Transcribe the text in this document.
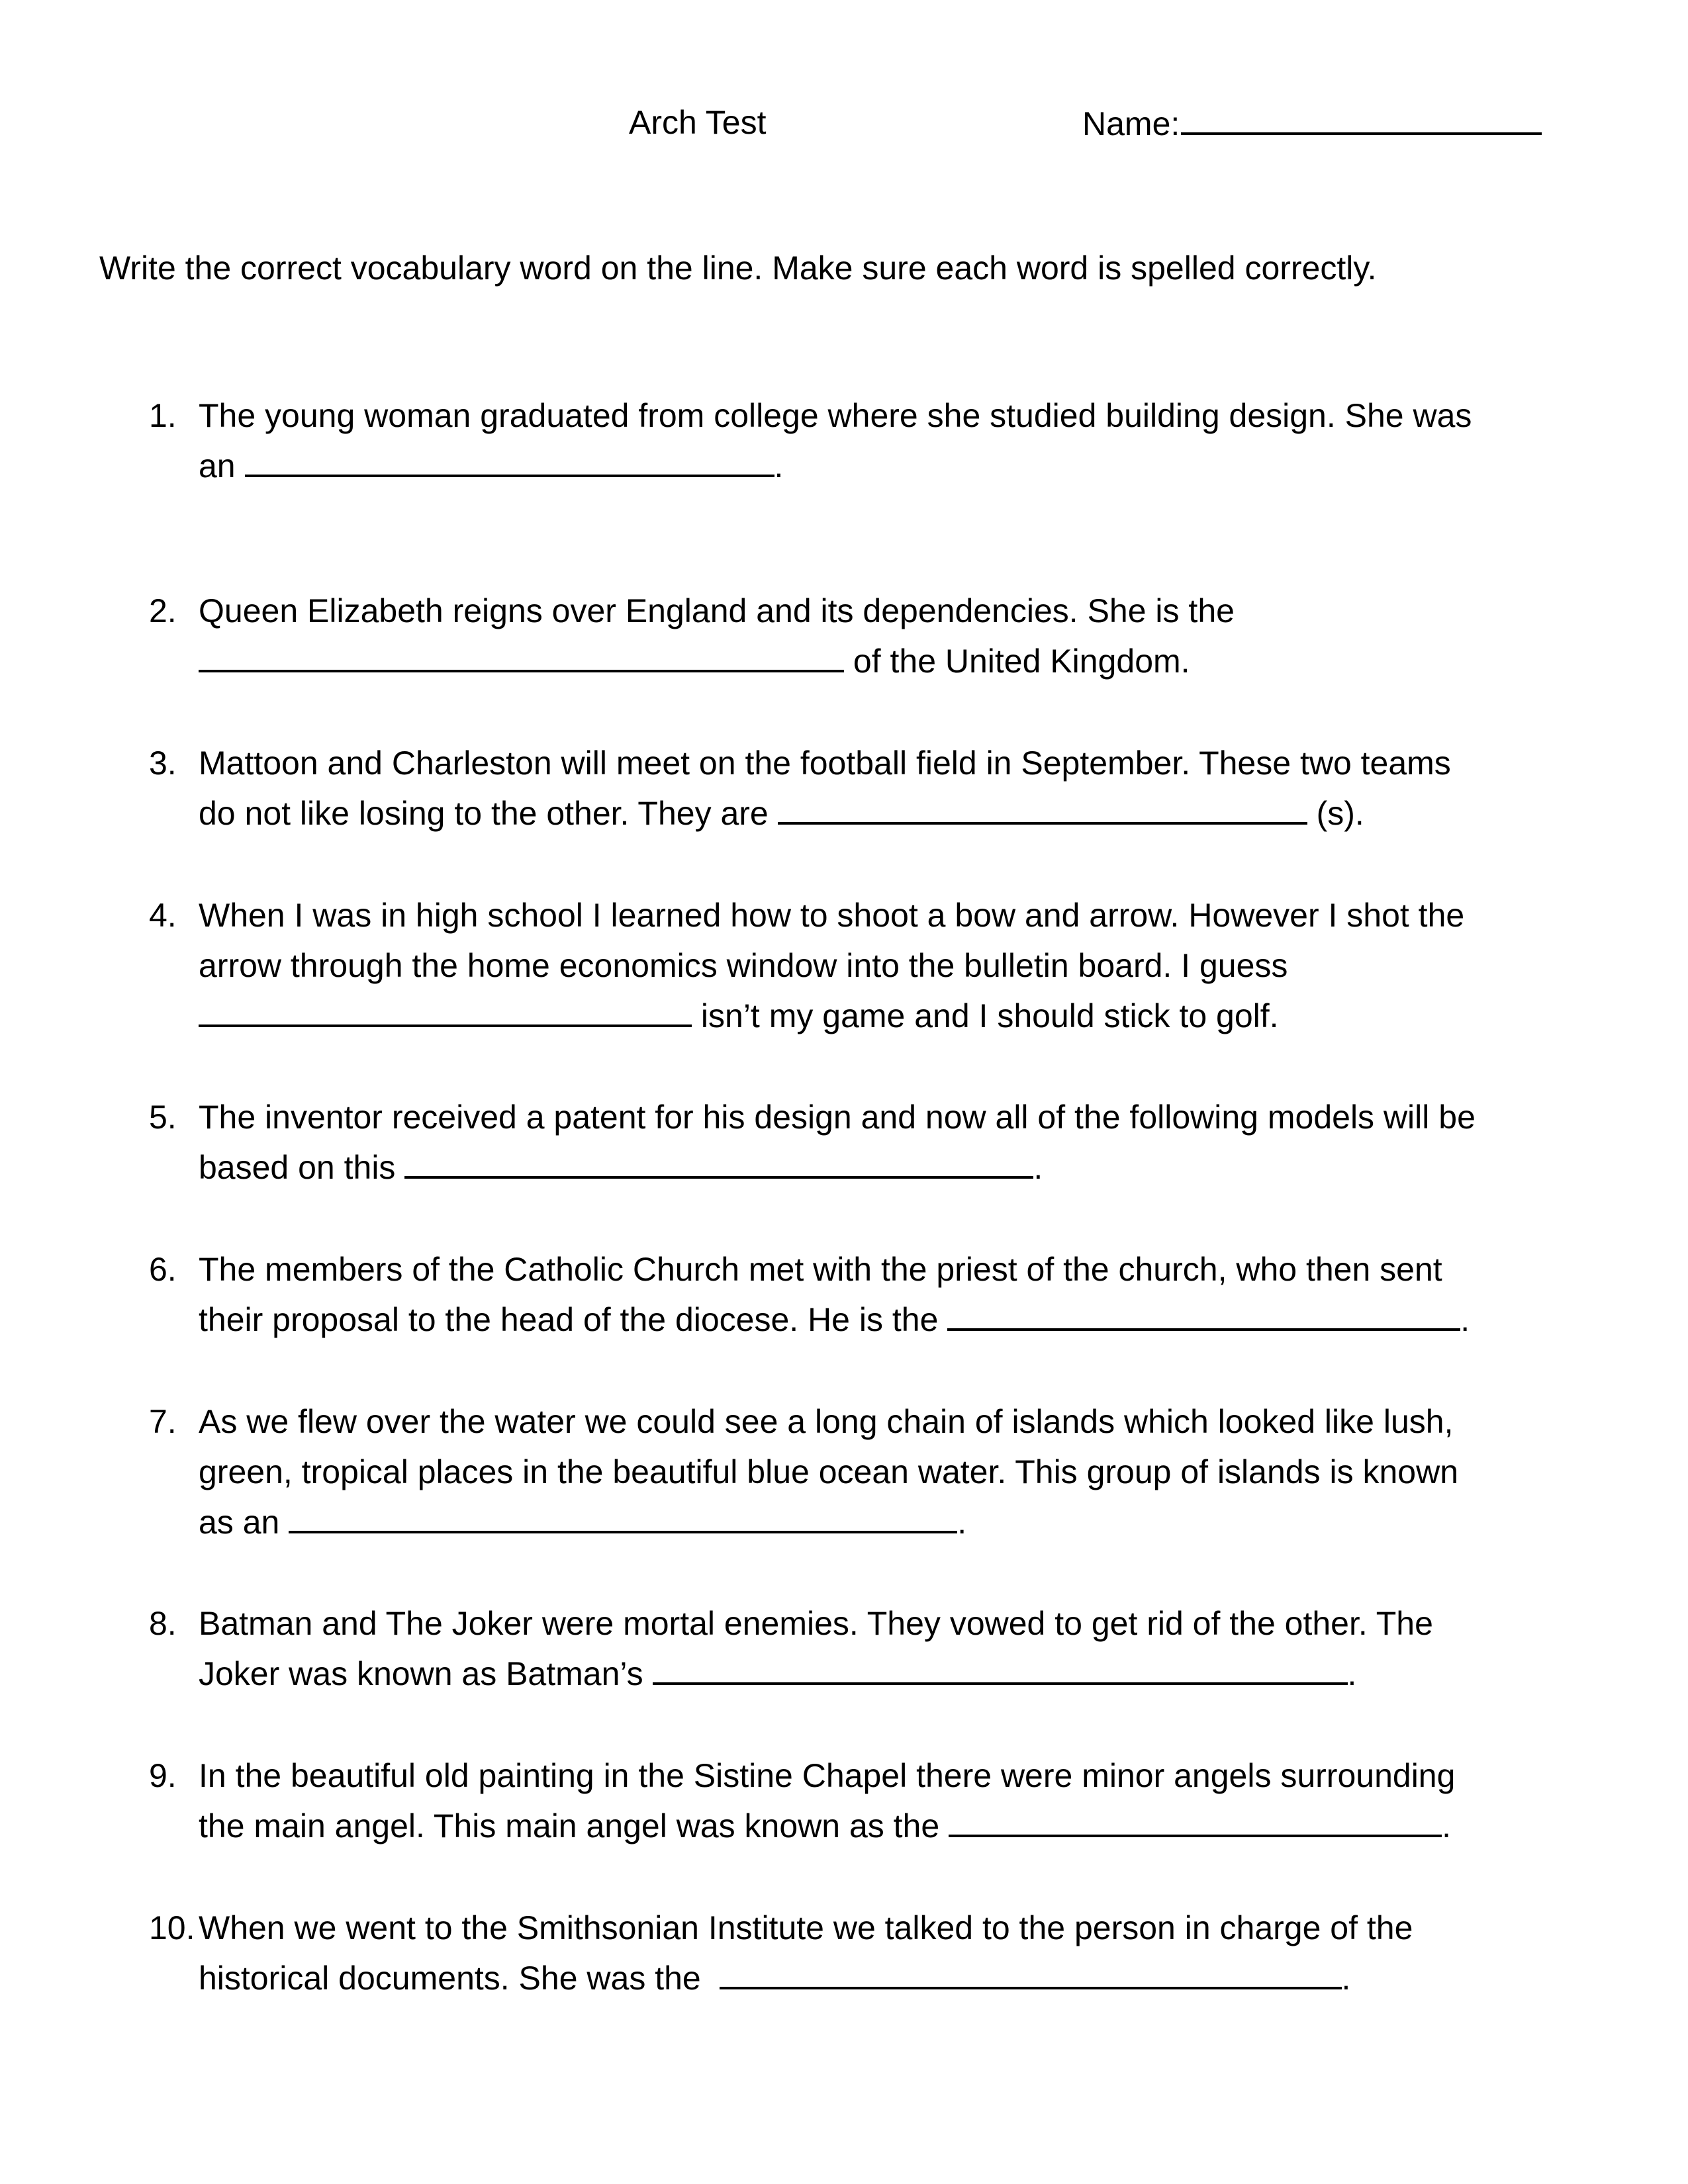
Arch Test	Name:
Write the correct vocabulary word on the line. Make sure each word is spelled correctly.
1. The young woman graduated from college where she studied building design. She was
an	.
2. Queen Elizabeth reigns over England and its dependencies. She is the
of the United Kingdom.
3. Mattoon and Charleston will meet on the football field in September. These two teams
do not like losing to the other. They are	(s).
4. When I was in high school I learned how to shoot a bow and arrow. However I shot the
arrow through the home economics window into the bulletin board. I guess
isn’t my game and I should stick to golf.
5. The inventor received a patent for his design and now all of the following models will be
based on this	.
6. The members of the Catholic Church met with the priest of the church, who then sent
their proposal to the head of the diocese. He is the	.
7. As we flew over the water we could see a long chain of islands which looked like lush,
green, tropical places in the beautiful blue ocean water. This group of islands is known
as an	.
8. Batman and The Joker were mortal enemies. They vowed to get rid of the other. The
Joker was known as Batman’s	.
9. In the beautiful old painting in the Sistine Chapel there were minor angels surrounding
the main angel. This main angel was known as the	.
10. When we went to the Smithsonian Institute we talked to the person in charge of the
historical documents. She was the	.
